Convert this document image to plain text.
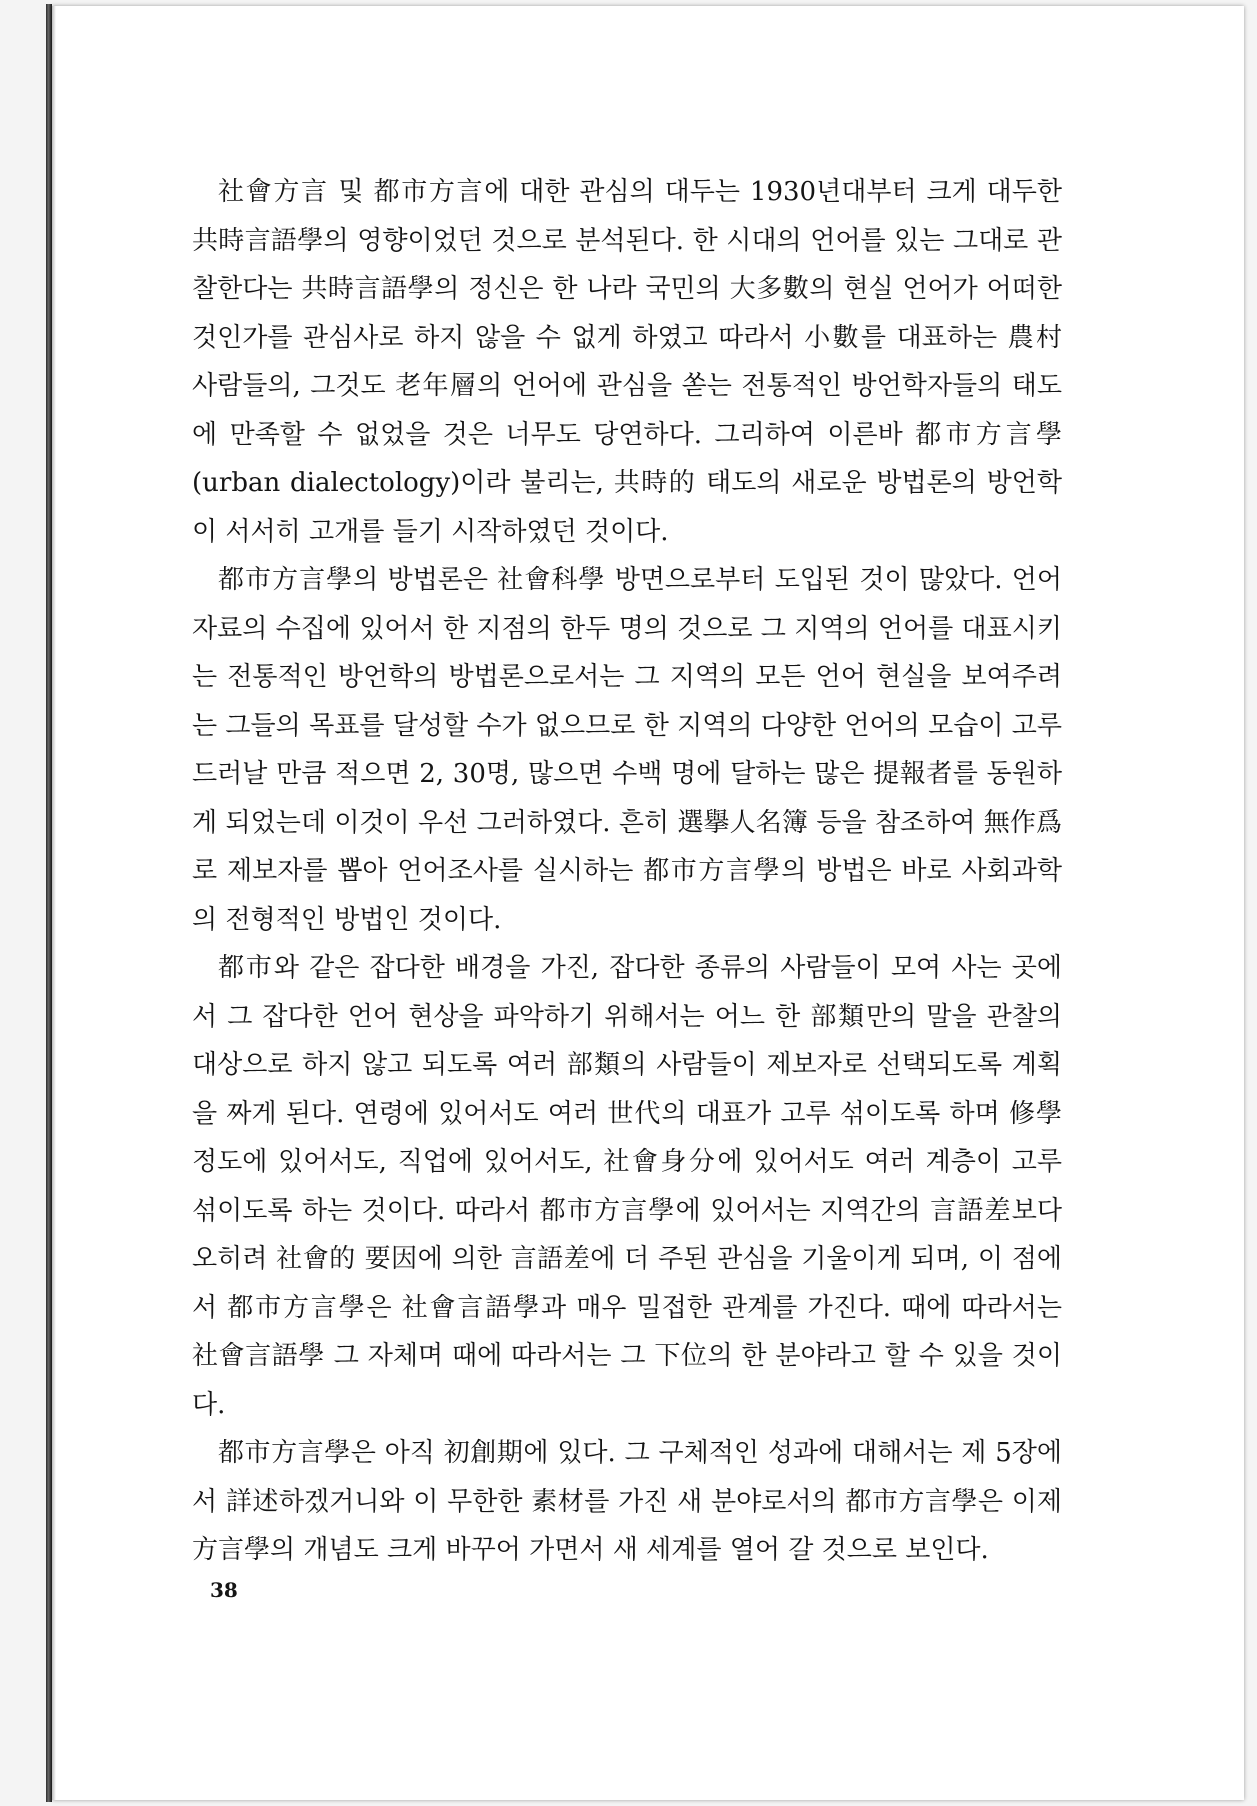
社會方言 및 都市方言에 대한 관심의 대두는 1930년대부터 크게 대두한 共時言語學의 영향이었던 것으로 분석된다. 한 시대의 언어를 있는 그대로 관찰한다는 共時言語學의 정신은 한 나라 국민의 大多數의 현실 언어가 어떠한 것인가를 관심사로 하지 않을 수 없게 하였고 따라서 小數를 대표하는 農村 사람들의, 그것도 老年層의 언어에 관심을 쏟는 전통적인 방언학자들의 태도에 만족할 수 없었을 것은 너무도 당연하다. 그리하여 이른바 都市方言學(urban dialectology)이라 불리는, 共時的 태도의 새로운 방법론의 방언학이 서서히 고개를 들기 시작하였던 것이다.

都市方言學의 방법론은 社會科學 방면으로부터 도입된 것이 많았다. 언어 자료의 수집에 있어서 한 지점의 한두 명의 것으로 그 지역의 언어를 대표시키는 전통적인 방언학의 방법론으로서는 그 지역의 모든 언어 현실을 보여주려는 그들의 목표를 달성할 수가 없으므로 한 지역의 다양한 언어의 모습이 고루 드러날 만큼 적으면 2, 30명, 많으면 수백 명에 달하는 많은 提報者를 동원하게 되었는데 이것이 우선 그러하였다. 흔히 選擧人名簿 등을 참조하여 無作爲로 제보자를 뽑아 언어조사를 실시하는 都市方言學의 방법은 바로 사회과학의 전형적인 방법인 것이다.

都市와 같은 잡다한 배경을 가진, 잡다한 종류의 사람들이 모여 사는 곳에서 그 잡다한 언어 현상을 파악하기 위해서는 어느 한 部類만의 말을 관찰의 대상으로 하지 않고 되도록 여러 部類의 사람들이 제보자로 선택되도록 계획을 짜게 된다. 연령에 있어서도 여러 世代의 대표가 고루 섞이도록 하며 修學 정도에 있어서도, 직업에 있어서도, 社會身分에 있어서도 여러 계층이 고루 섞이도록 하는 것이다. 따라서 都市方言學에 있어서는 지역간의 言語差보다 오히려 社會的 要因에 의한 言語差에 더 주된 관심을 기울이게 되며, 이 점에서 都市方言學은 社會言語學과 매우 밀접한 관계를 가진다. 때에 따라서는 社會言語學 그 자체며 때에 따라서는 그 下位의 한 분야라고 할 수 있을 것이다.

都市方言學은 아직 初創期에 있다. 그 구체적인 성과에 대해서는 제 5장에서 詳述하겠거니와 이 무한한 素材를 가진 새 분야로서의 都市方言學은 이제 方言學의 개념도 크게 바꾸어 가면서 새 세계를 열어 갈 것으로 보인다.

38
